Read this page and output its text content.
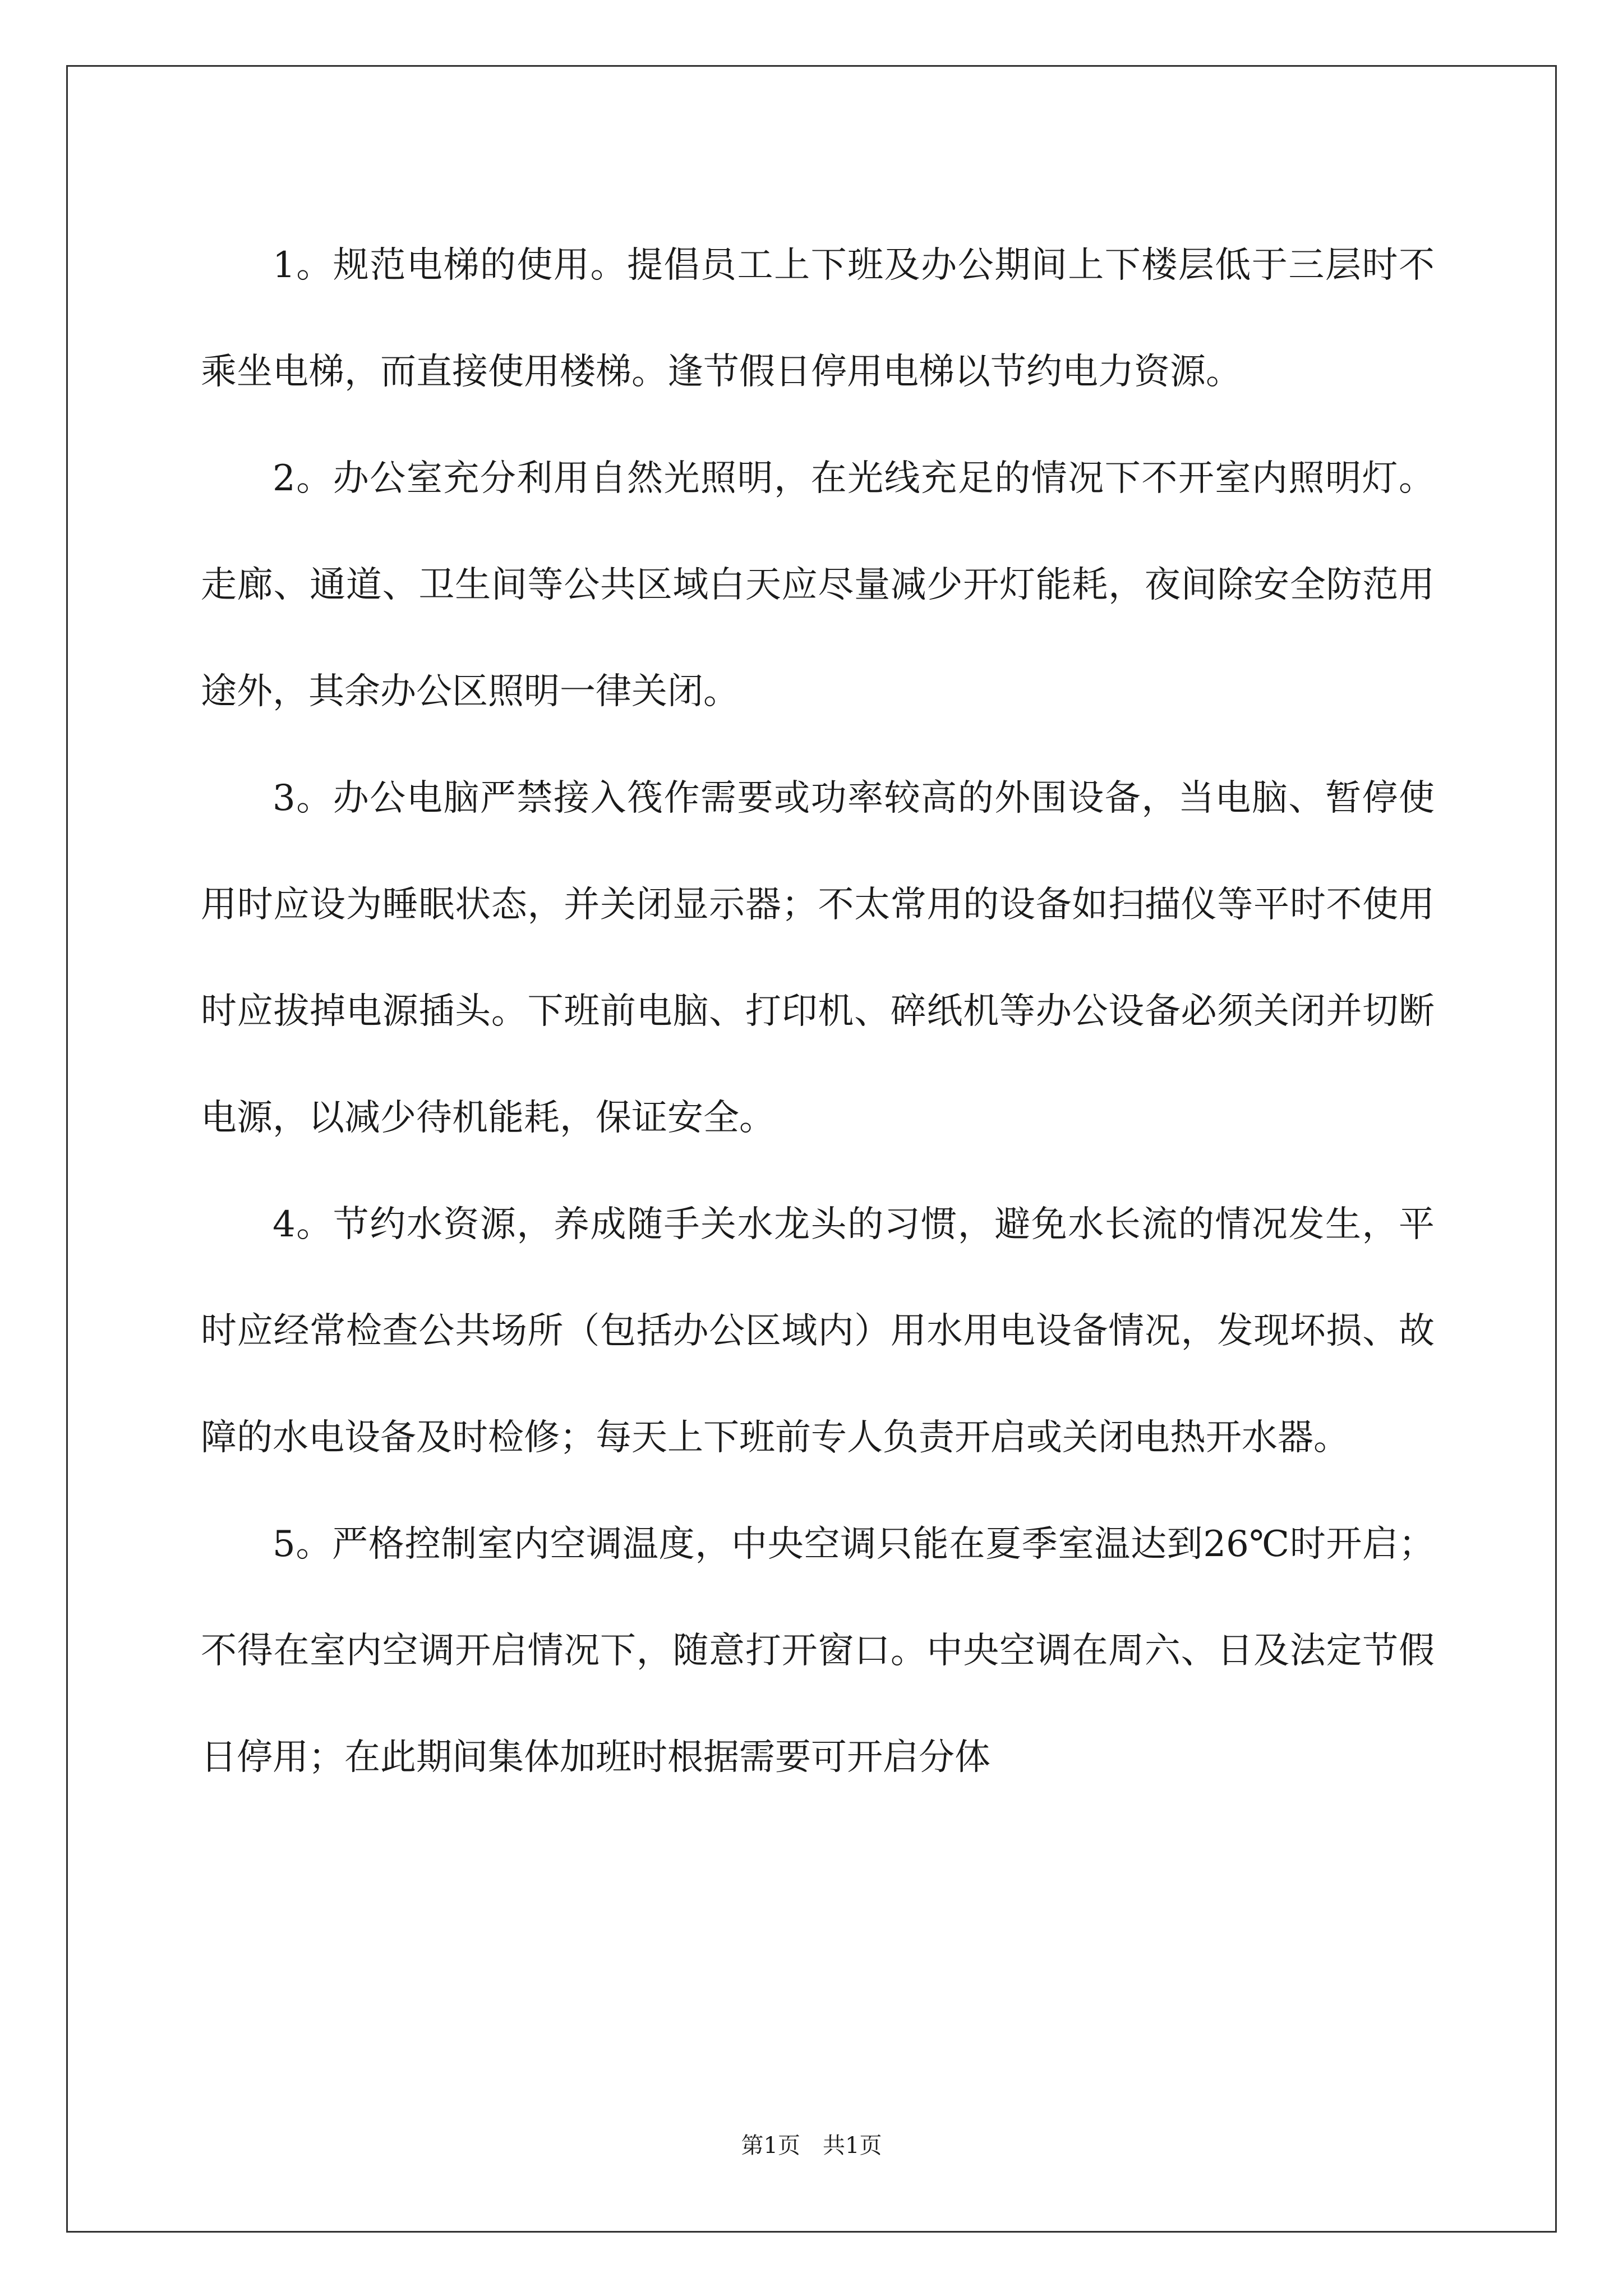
1。规范电梯的使用。提倡员工上下班及办公期间上下楼层低于三层时不乘坐电梯，而直接使用楼梯。逢节假日停用电梯以节约电力资源。

2。办公室充分利用自然光照明，在光线充足的情况下不开室内照明灯。走廊、通道、卫生间等公共区域白天应尽量减少开灯能耗，夜间除安全防范用途外，其余办公区照明一律关闭。

3。办公电脑严禁接入筏作需要或功率较高的外围设备，当电脑、暂停使用时应设为睡眠状态，并关闭显示器；不太常用的设备如扫描仪等平时不使用时应拔掉电源插头。下班前电脑、打印机、碎纸机等办公设备必须关闭并切断电源，以减少待机能耗，保证安全。

4。节约水资源，养成随手关水龙头的习惯，避免水长流的情况发生，平时应经常检查公共场所（包括办公区域内）用水用电设备情况，发现坏损、故障的水电设备及时检修；每天上下班前专人负责开启或关闭电热开水器。

5。严格控制室内空调温度，中央空调只能在夏季室温达到26℃时开启；不得在室内空调开启情况下，随意打开窗口。中央空调在周六、日及法定节假日停用；在此期间集体加班时根据需要可开启分体

第1页　共1页
